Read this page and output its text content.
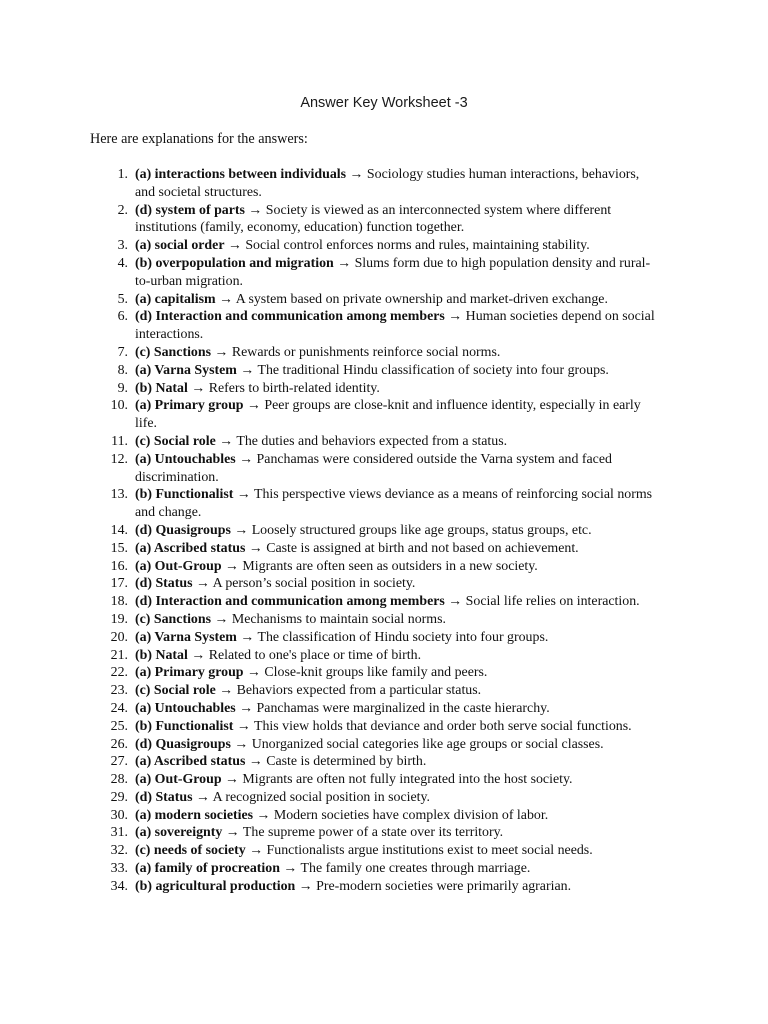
Answer Key Worksheet -3
Here are explanations for the answers:
1. (a) interactions between individuals → Sociology studies human interactions, behaviors, and societal structures.
2. (d) system of parts → Society is viewed as an interconnected system where different institutions (family, economy, education) function together.
3. (a) social order → Social control enforces norms and rules, maintaining stability.
4. (b) overpopulation and migration → Slums form due to high population density and rural-to-urban migration.
5. (a) capitalism → A system based on private ownership and market-driven exchange.
6. (d) Interaction and communication among members → Human societies depend on social interactions.
7. (c) Sanctions → Rewards or punishments reinforce social norms.
8. (a) Varna System → The traditional Hindu classification of society into four groups.
9. (b) Natal → Refers to birth-related identity.
10. (a) Primary group → Peer groups are close-knit and influence identity, especially in early life.
11. (c) Social role → The duties and behaviors expected from a status.
12. (a) Untouchables → Panchamas were considered outside the Varna system and faced discrimination.
13. (b) Functionalist → This perspective views deviance as a means of reinforcing social norms and change.
14. (d) Quasigroups → Loosely structured groups like age groups, status groups, etc.
15. (a) Ascribed status → Caste is assigned at birth and not based on achievement.
16. (a) Out-Group → Migrants are often seen as outsiders in a new society.
17. (d) Status → A person’s social position in society.
18. (d) Interaction and communication among members → Social life relies on interaction.
19. (c) Sanctions → Mechanisms to maintain social norms.
20. (a) Varna System → The classification of Hindu society into four groups.
21. (b) Natal → Related to one's place or time of birth.
22. (a) Primary group → Close-knit groups like family and peers.
23. (c) Social role → Behaviors expected from a particular status.
24. (a) Untouchables → Panchamas were marginalized in the caste hierarchy.
25. (b) Functionalist → This view holds that deviance and order both serve social functions.
26. (d) Quasigroups → Unorganized social categories like age groups or social classes.
27. (a) Ascribed status → Caste is determined by birth.
28. (a) Out-Group → Migrants are often not fully integrated into the host society.
29. (d) Status → A recognized social position in society.
30. (a) modern societies → Modern societies have complex division of labor.
31. (a) sovereignty → The supreme power of a state over its territory.
32. (c) needs of society → Functionalists argue institutions exist to meet social needs.
33. (a) family of procreation → The family one creates through marriage.
34. (b) agricultural production → Pre-modern societies were primarily agrarian.
